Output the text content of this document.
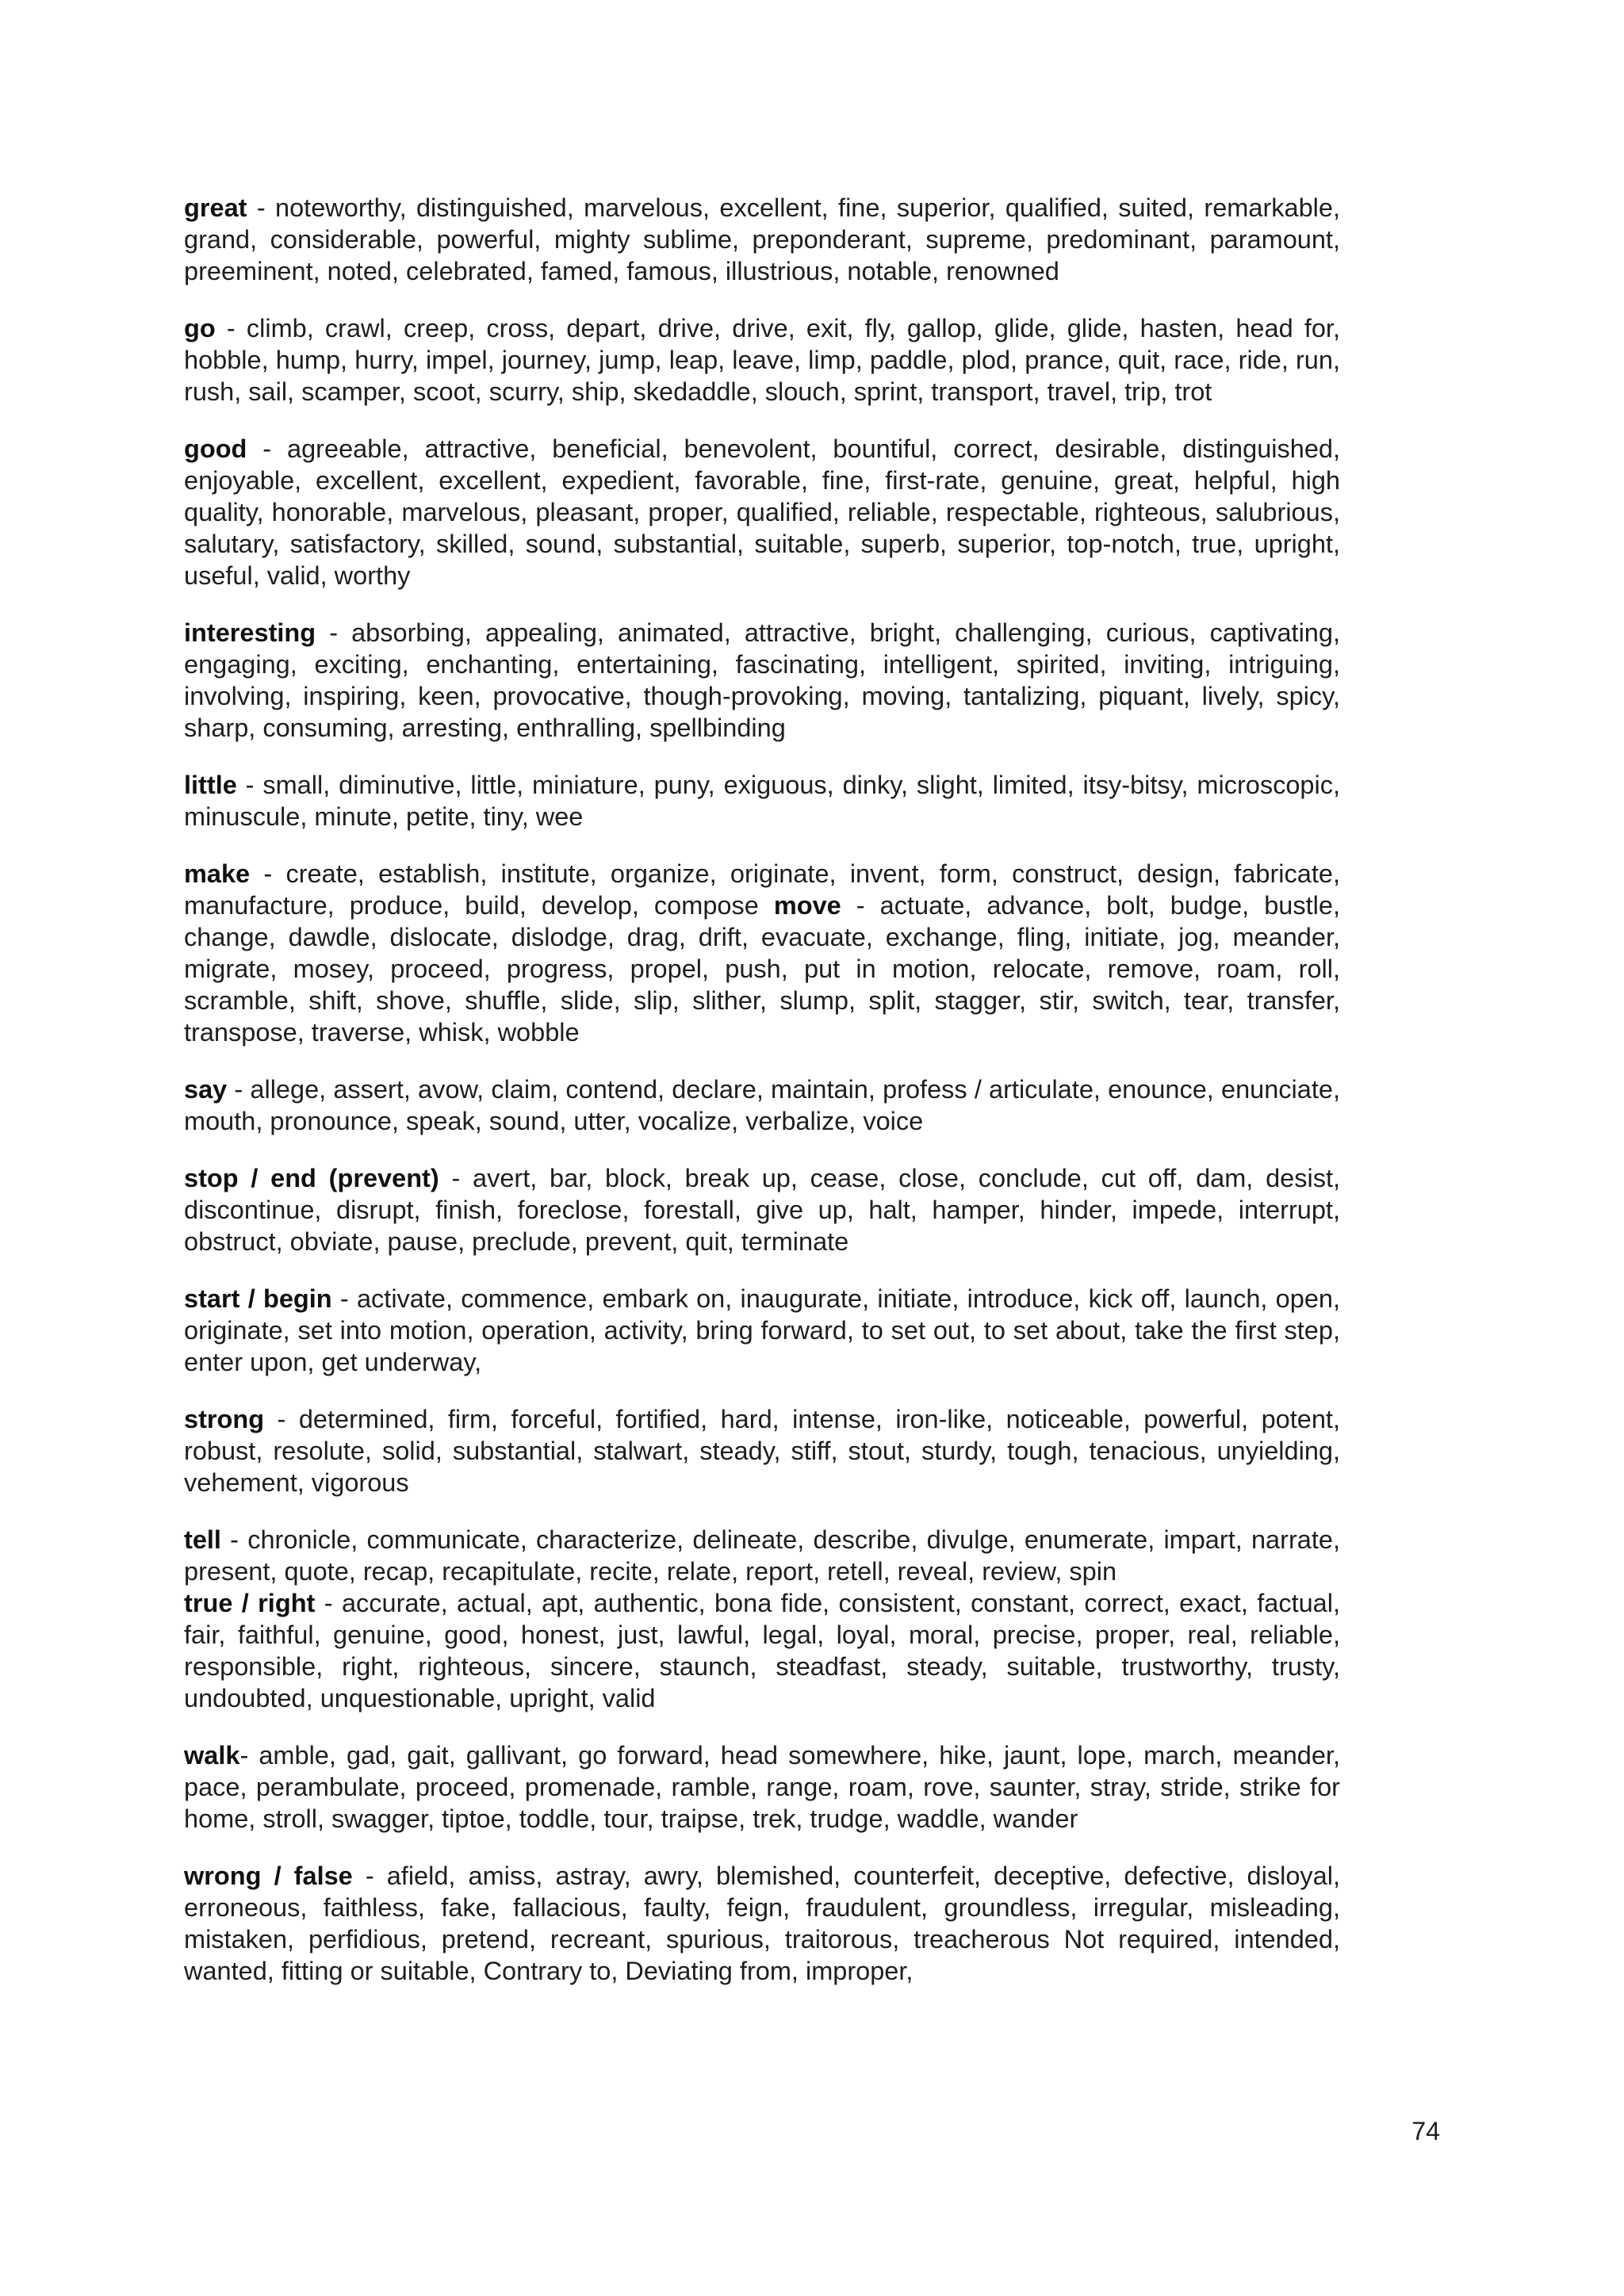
great - noteworthy, distinguished, marvelous, excellent, fine, superior, qualified, suited, remarkable, grand, considerable, powerful, mighty sublime, preponderant, supreme, predominant, paramount, preeminent, noted, celebrated, famed, famous, illustrious, notable, renowned

go - climb, crawl, creep, cross, depart, drive, drive, exit, fly, gallop, glide, glide, hasten, head for, hobble, hump, hurry, impel, journey, jump, leap, leave, limp, paddle, plod, prance, quit, race, ride, run, rush, sail, scamper, scoot, scurry, ship, skedaddle, slouch, sprint, transport, travel, trip, trot

good - agreeable, attractive, beneficial, benevolent, bountiful, correct, desirable, distinguished, enjoyable, excellent, excellent, expedient, favorable, fine, first-rate, genuine, great, helpful, high quality, honorable, marvelous, pleasant, proper, qualified, reliable, respectable, righteous, salubrious, salutary, satisfactory, skilled, sound, substantial, suitable, superb, superior, top-notch, true, upright, useful, valid, worthy

interesting - absorbing, appealing, animated, attractive, bright, challenging, curious, captivating, engaging, exciting, enchanting, entertaining, fascinating, intelligent, spirited, inviting, intriguing, involving, inspiring, keen, provocative, though-provoking, moving, tantalizing, piquant, lively, spicy, sharp, consuming, arresting, enthralling, spellbinding

little - small, diminutive, little, miniature, puny, exiguous, dinky, slight, limited, itsy-bitsy, microscopic, minuscule, minute, petite, tiny, wee

make - create, establish, institute, organize, originate, invent, form, construct, design, fabricate, manufacture, produce, build, develop, compose move - actuate, advance, bolt, budge, bustle, change, dawdle, dislocate, dislodge, drag, drift, evacuate, exchange, fling, initiate, jog, meander, migrate, mosey, proceed, progress, propel, push, put in motion, relocate, remove, roam, roll, scramble, shift, shove, shuffle, slide, slip, slither, slump, split, stagger, stir, switch, tear, transfer, transpose, traverse, whisk, wobble

say - allege, assert, avow, claim, contend, declare, maintain, profess / articulate, enounce, enunciate, mouth, pronounce, speak, sound, utter, vocalize, verbalize, voice

stop / end (prevent) - avert, bar, block, break up, cease, close, conclude, cut off, dam, desist, discontinue, disrupt, finish, foreclose, forestall, give up, halt, hamper, hinder, impede, interrupt, obstruct, obviate, pause, preclude, prevent, quit, terminate

start / begin - activate, commence, embark on, inaugurate, initiate, introduce, kick off, launch, open, originate, set into motion, operation, activity, bring forward, to set out, to set about, take the first step, enter upon, get underway,

strong - determined, firm, forceful, fortified, hard, intense, iron-like, noticeable, powerful, potent, robust, resolute, solid, substantial, stalwart, steady, stiff, stout, sturdy, tough, tenacious, unyielding, vehement, vigorous

tell - chronicle, communicate, characterize, delineate, describe, divulge, enumerate, impart, narrate, present, quote, recap, recapitulate, recite, relate, report, retell, reveal, review, spin
true / right - accurate, actual, apt, authentic, bona fide, consistent, constant, correct, exact, factual, fair, faithful, genuine, good, honest, just, lawful, legal, loyal, moral, precise, proper, real, reliable, responsible, right, righteous, sincere, staunch, steadfast, steady, suitable, trustworthy, trusty, undoubted, unquestionable, upright, valid

walk- amble, gad, gait, gallivant, go forward, head somewhere, hike, jaunt, lope, march, meander, pace, perambulate, proceed, promenade, ramble, range, roam, rove, saunter, stray, stride, strike for home, stroll, swagger, tiptoe, toddle, tour, traipse, trek, trudge, waddle, wander

wrong / false - afield, amiss, astray, awry, blemished, counterfeit, deceptive, defective, disloyal, erroneous, faithless, fake, fallacious, faulty, feign, fraudulent, groundless, irregular, misleading, mistaken, perfidious, pretend, recreant, spurious, traitorous, treacherous Not required, intended, wanted, fitting or suitable, Contrary to, Deviating from, improper,

74
